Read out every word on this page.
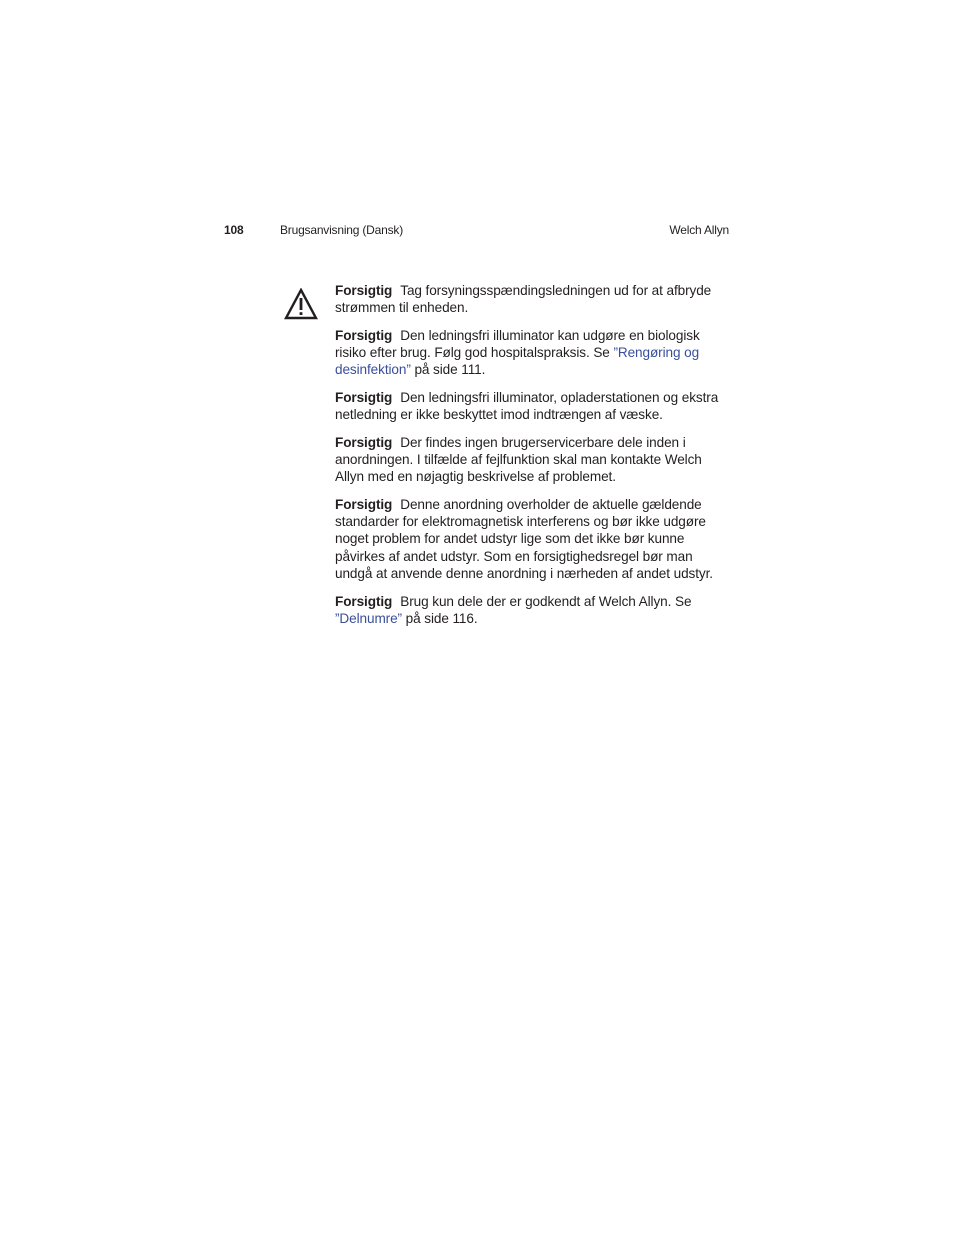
108	Brugsanvisning (Dansk)	Welch Allyn

Forsigtig Tag forsyningsspændingsledningen ud for at afbryde strømmen til enheden.

Forsigtig Den ledningsfri illuminator kan udgøre en biologisk risiko efter brug. Følg god hospitalspraksis. Se ”Rengøring og desinfektion” på side 111.

Forsigtig Den ledningsfri illuminator, opladerstationen og ekstra netledning er ikke beskyttet imod indtrængen af væske.

Forsigtig Der findes ingen brugerservicerbare dele inden i anordningen. I tilfælde af fejlfunktion skal man kontakte Welch Allyn med en nøjagtig beskrivelse af problemet.

Forsigtig Denne anordning overholder de aktuelle gældende standarder for elektromagnetisk interferens og bør ikke udgøre noget problem for andet udstyr lige som det ikke bør kunne påvirkes af andet udstyr. Som en forsigtighedsregel bør man undgå at anvende denne anordning i nærheden af andet udstyr.

Forsigtig Brug kun dele der er godkendt af Welch Allyn. Se ”Delnumre” på side 116.
